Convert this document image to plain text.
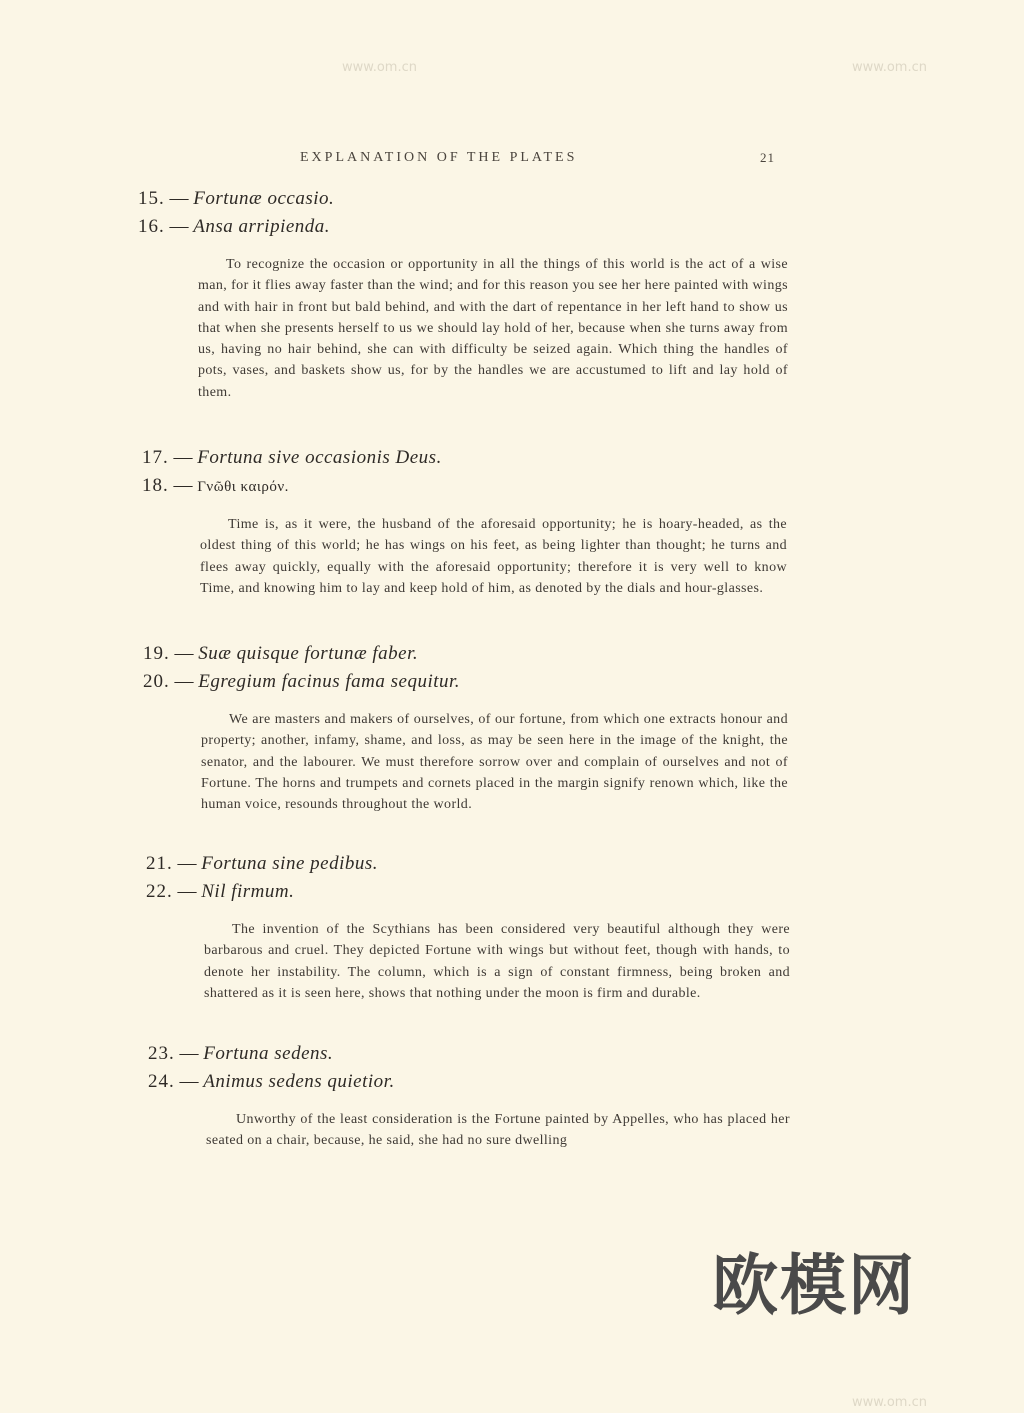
EXPLANATION OF THE PLATES	21
15. — Fortunæ occasio.
16. — Ansa arripienda.

To recognize the occasion or opportunity in all the things of this world is the act of a wise man, for it flies away faster than the wind; and for this reason you see her here painted with wings and with hair in front but bald behind, and with the dart of repentance in her left hand to show us that when she presents herself to us we should lay hold of her, because when she turns away from us, having no hair behind, she can with difficulty be seized again. Which thing the handles of pots, vases, and baskets show us, for by the handles we are accustumed to lift and lay hold of them.

17. — Fortuna sive occasionis Deus.
18. — Γνῶθι καιρόν.

Time is, as it were, the husband of the aforesaid opportunity; he is hoary-headed, as the oldest thing of this world; he has wings on his feet, as being lighter than thought; he turns and flees away quickly, equally with the aforesaid opportunity; therefore it is very well to know Time, and knowing him to lay and keep hold of him, as denoted by the dials and hour-glasses.

19. — Suæ quisque fortunæ faber.
20. — Egregium facinus fama sequitur.

We are masters and makers of ourselves, of our fortune, from which one extracts honour and property; another, infamy, shame, and loss, as may be seen here in the image of the knight, the senator, and the labourer. We must therefore sorrow over and complain of ourselves and not of Fortune. The horns and trumpets and cornets placed in the margin signify renown which, like the human voice, resounds throughout the world.

21. — Fortuna sine pedibus.
22. — Nil firmum.

The invention of the Scythians has been considered very beautiful although they were barbarous and cruel. They depicted Fortune with wings but without feet, though with hands, to denote her instability. The column, which is a sign of constant firmness, being broken and shattered as it is seen here, shows that nothing under the moon is firm and durable.

23. — Fortuna sedens.
24. — Animus sedens quietior.

Unworthy of the least consideration is the Fortune painted by Appelles, who has placed her seated on a chair, because, he said, she had no sure dwelling

欧模网
www.om.cn	www.om.cn
www.om.cn
